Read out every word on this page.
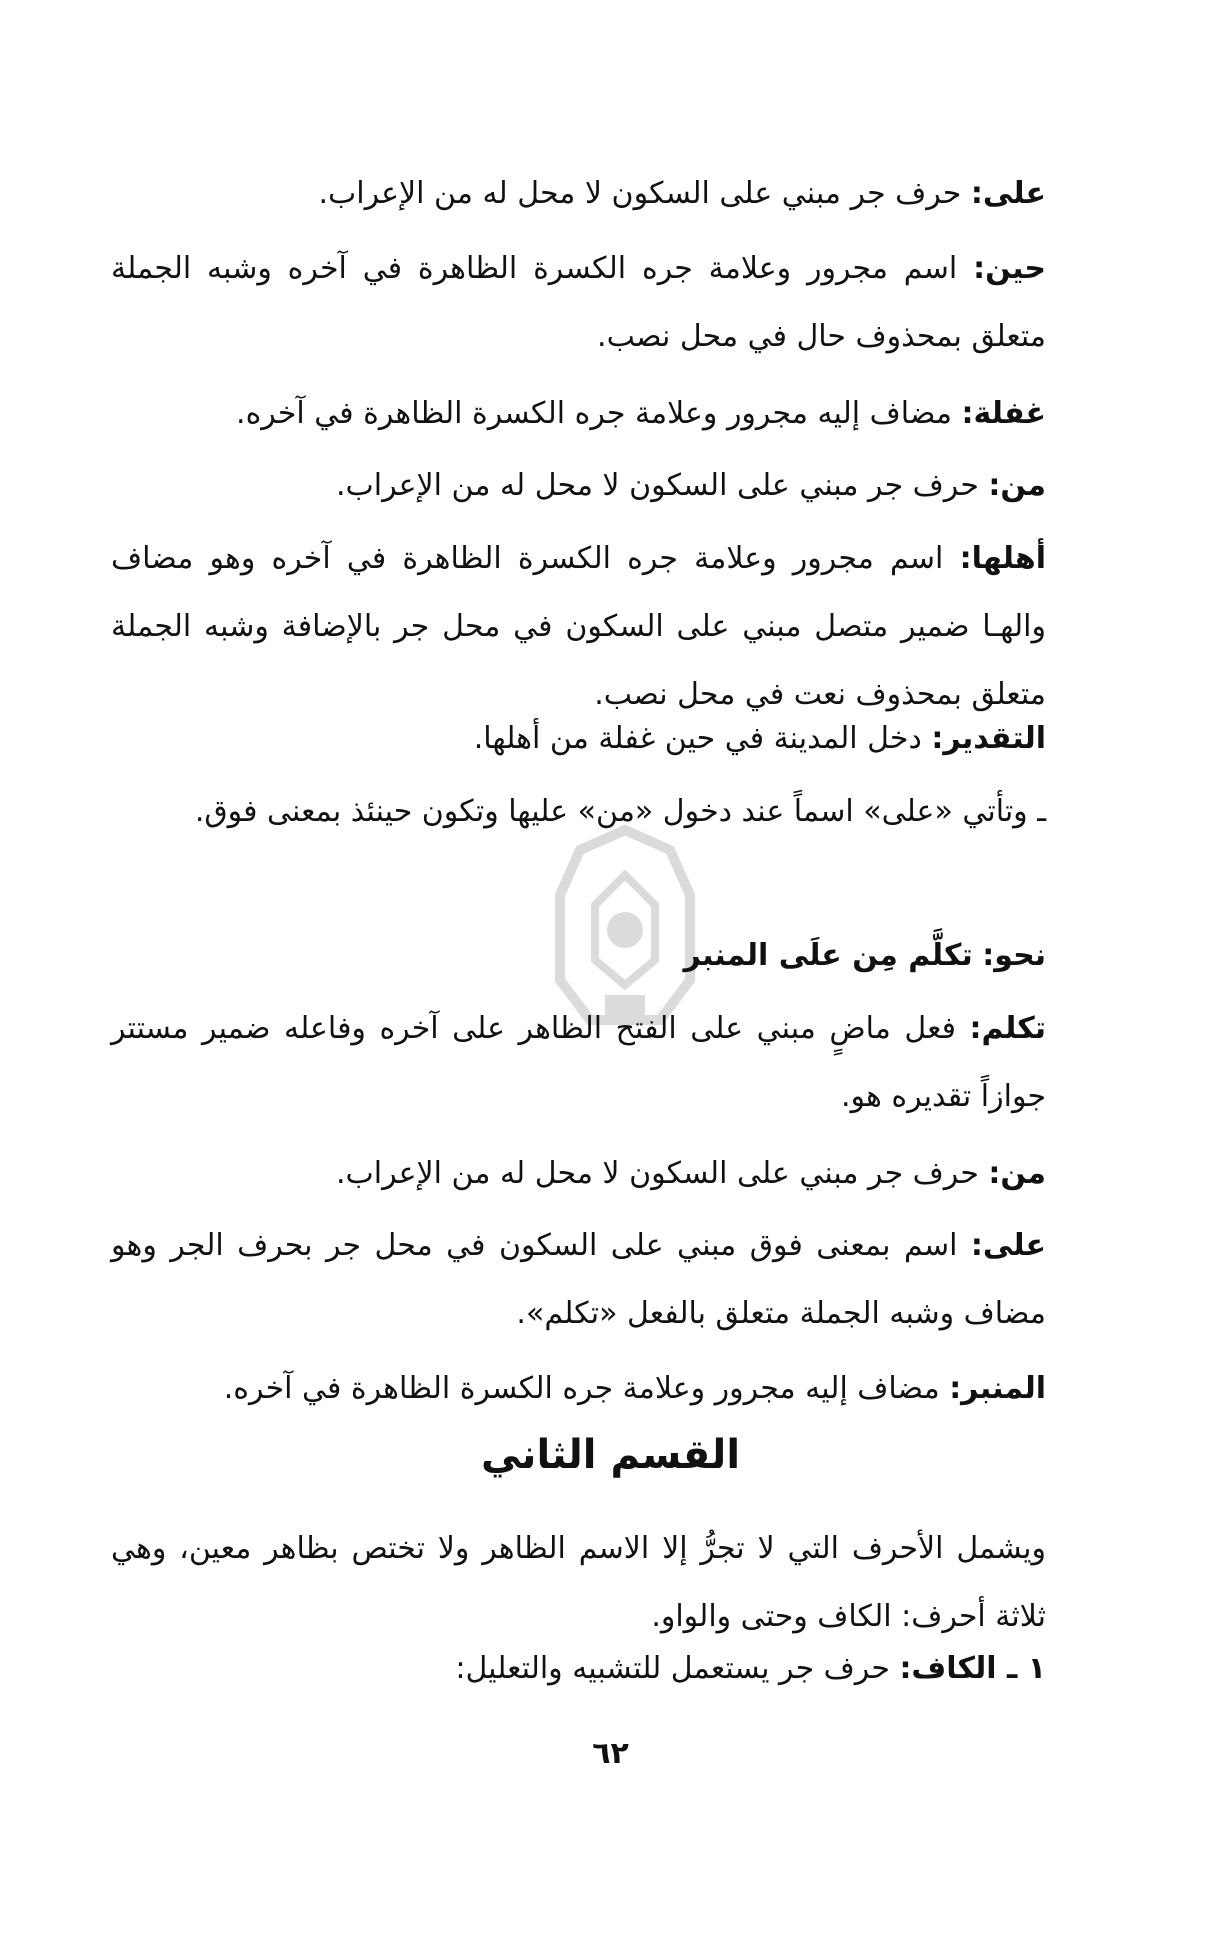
على: حرف جر مبني على السكون لا محل له من الإعراب.

حين: اسم مجرور وعلامة جره الكسرة الظاهرة في آخره وشبه الجملة متعلق بمحذوف حال في محل نصب.

غفلة: مضاف إليه مجرور وعلامة جره الكسرة الظاهرة في آخره.

من: حرف جر مبني على السكون لا محل له من الإعراب.

أهلها: اسم مجرور وعلامة جره الكسرة الظاهرة في آخره وهو مضاف والهـا ضمير متصل مبني على السكون في محل جر بالإضافة وشبه الجملة متعلق بمحذوف نعت في محل نصب.

التقدير: دخل المدينة في حين غفلة من أهلها.

ـ وتأتي «على» اسماً عند دخول «من» عليها وتكون حينئذ بمعنى فوق.

نحو: تكلَّم مِن علَى المنبر

تكلم: فعل ماضٍ مبني على الفتح الظاهر على آخره وفاعله ضمير مستتر جوازاً تقديره هو.

من: حرف جر مبني على السكون لا محل له من الإعراب.

على: اسم بمعنى فوق مبني على السكون في محل جر بحرف الجر وهو مضاف وشبه الجملة متعلق بالفعل «تكلم».

المنبر: مضاف إليه مجرور وعلامة جره الكسرة الظاهرة في آخره.

القسم الثاني

ويشمل الأحرف التي لا تجرُّ إلا الاسم الظاهر ولا تختص بظاهر معين، وهي ثلاثة أحرف: الكاف وحتى والواو.

١ ـ الكاف: حرف جر يستعمل للتشبيه والتعليل:

٦٢
